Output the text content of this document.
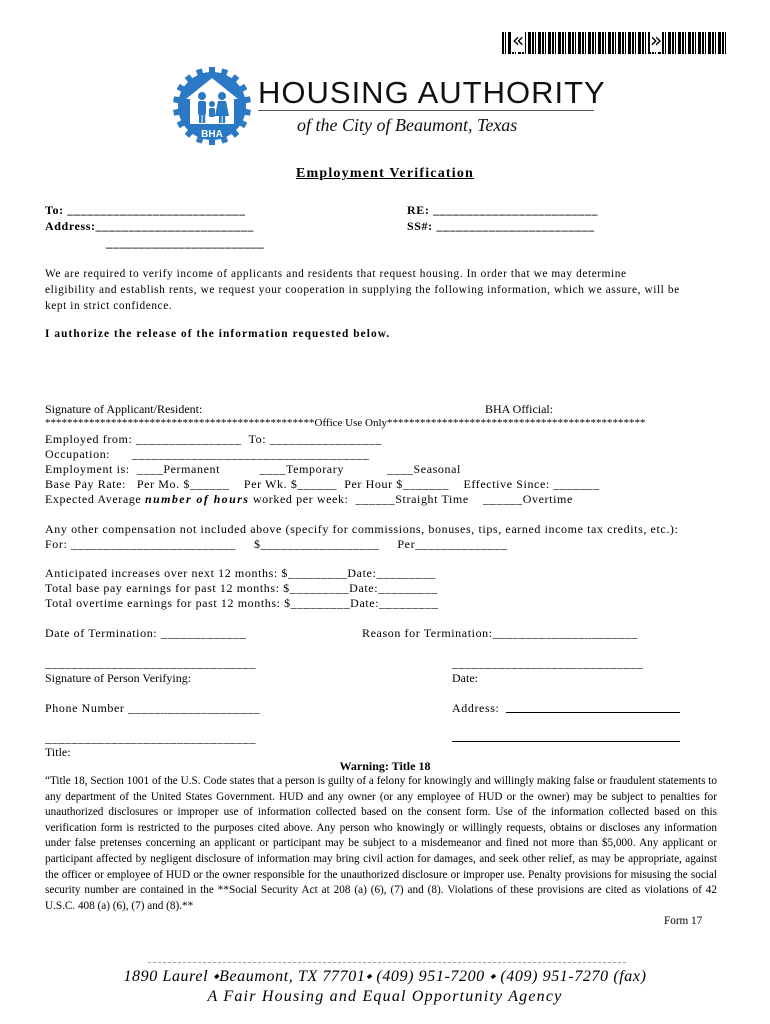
«	»
BHA
HOUSING AUTHORITY
of the City of Beaumont, Texas
Employment Verification
To: ___________________________
Address:________________________
________________________
RE: _________________________
SS#: ________________________
We are required to verify income of applicants and residents that request housing. In order that we may determine
eligibility and establish rents, we request your cooperation in supplying the following information, which we assure, will be
kept in strict confidence.
I authorize the release of the information requested below.
Signature of Applicant/Resident:	BHA Official:
*************************************************Office Use Only***********************************************
Employed from: ________________  To: _________________
Occupation:      ____________________________________
Employment is:  ____Permanent           ____Temporary            ____Seasonal
Base Pay Rate:   Per Mo. $______    Per Wk. $______  Per Hour $_______    Effective Since: _______
Expected Average number of hours worked per week:  ______Straight Time    ______Overtime
Any other compensation not included above (specify for commissions, bonuses, tips, earned income tax credits, etc.):
For: _________________________     $__________________     Per______________
Anticipated increases over next 12 months: $_________Date:_________
Total base pay earnings for past 12 months: $_________Date:_________
Total overtime earnings for past 12 months: $_________Date:_________
Date of Termination: _____________	Reason for Termination:______________________
________________________________
Signature of Person Verifying:
_____________________________
Date:
Phone Number ____________________	Address:
________________________________
Title:
Warning: Title 18
“Title 18, Section 1001 of the U.S. Code states that a person is guilty of a felony for knowingly and willingly making false or fraudulent statements to any department of the United States Government. HUD and any owner (or any employee of HUD or the owner) may be subject to penalties for unauthorized disclosures or improper use of information collected based on the consent form. Use of the information collected based on this verification form is restricted to the purposes cited above. Any person who knowingly or willingly requests, obtains or discloses any information under false pretenses concerning an applicant or participant may be subject to a misdemeanor and fined not more than $5,000. Any applicant or participant affected by negligent disclosure of information may bring civil action for damages, and seek other relief, as may be appropriate, against the officer or employee of HUD or the owner responsible for the unauthorized disclosure or improper use. Penalty provisions for misusing the social security number are contained in the **Social Security Act at 208 (a) (6), (7) and (8). Violations of these provisions are cited as violations of 42 U.S.C. 408 (a) (6), (7) and (8).**
Form 17
1890 Laurel ⬩Beaumont, TX 77701⬩ (409) 951-7200 ⬩ (409) 951-7270 (fax)
A Fair Housing and Equal Opportunity Agency
